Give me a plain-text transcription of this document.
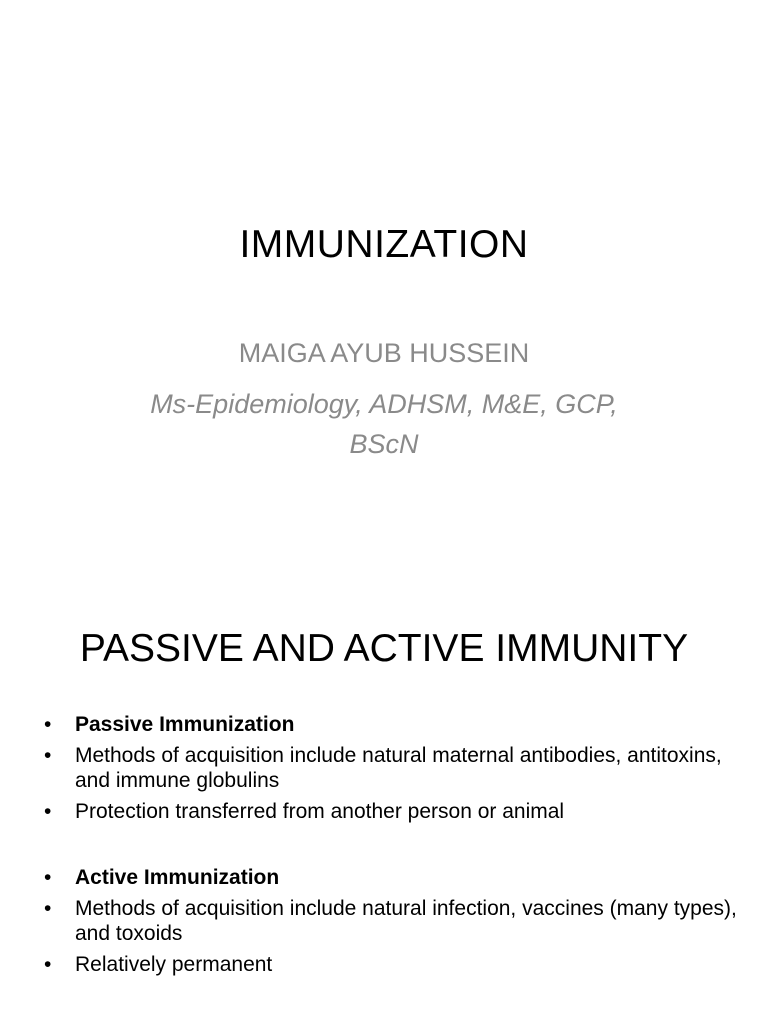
IMMUNIZATION
MAIGA AYUB HUSSEIN
Ms-Epidemiology, ADHSM, M&E, GCP, BScN
PASSIVE AND ACTIVE IMMUNITY
•	Passive Immunization
•	Methods of acquisition include natural maternal antibodies, antitoxins, and immune globulins
•	Protection transferred from another person or animal
•	Active Immunization
•	Methods of acquisition include natural infection, vaccines (many types), and toxoids
•	Relatively permanent
